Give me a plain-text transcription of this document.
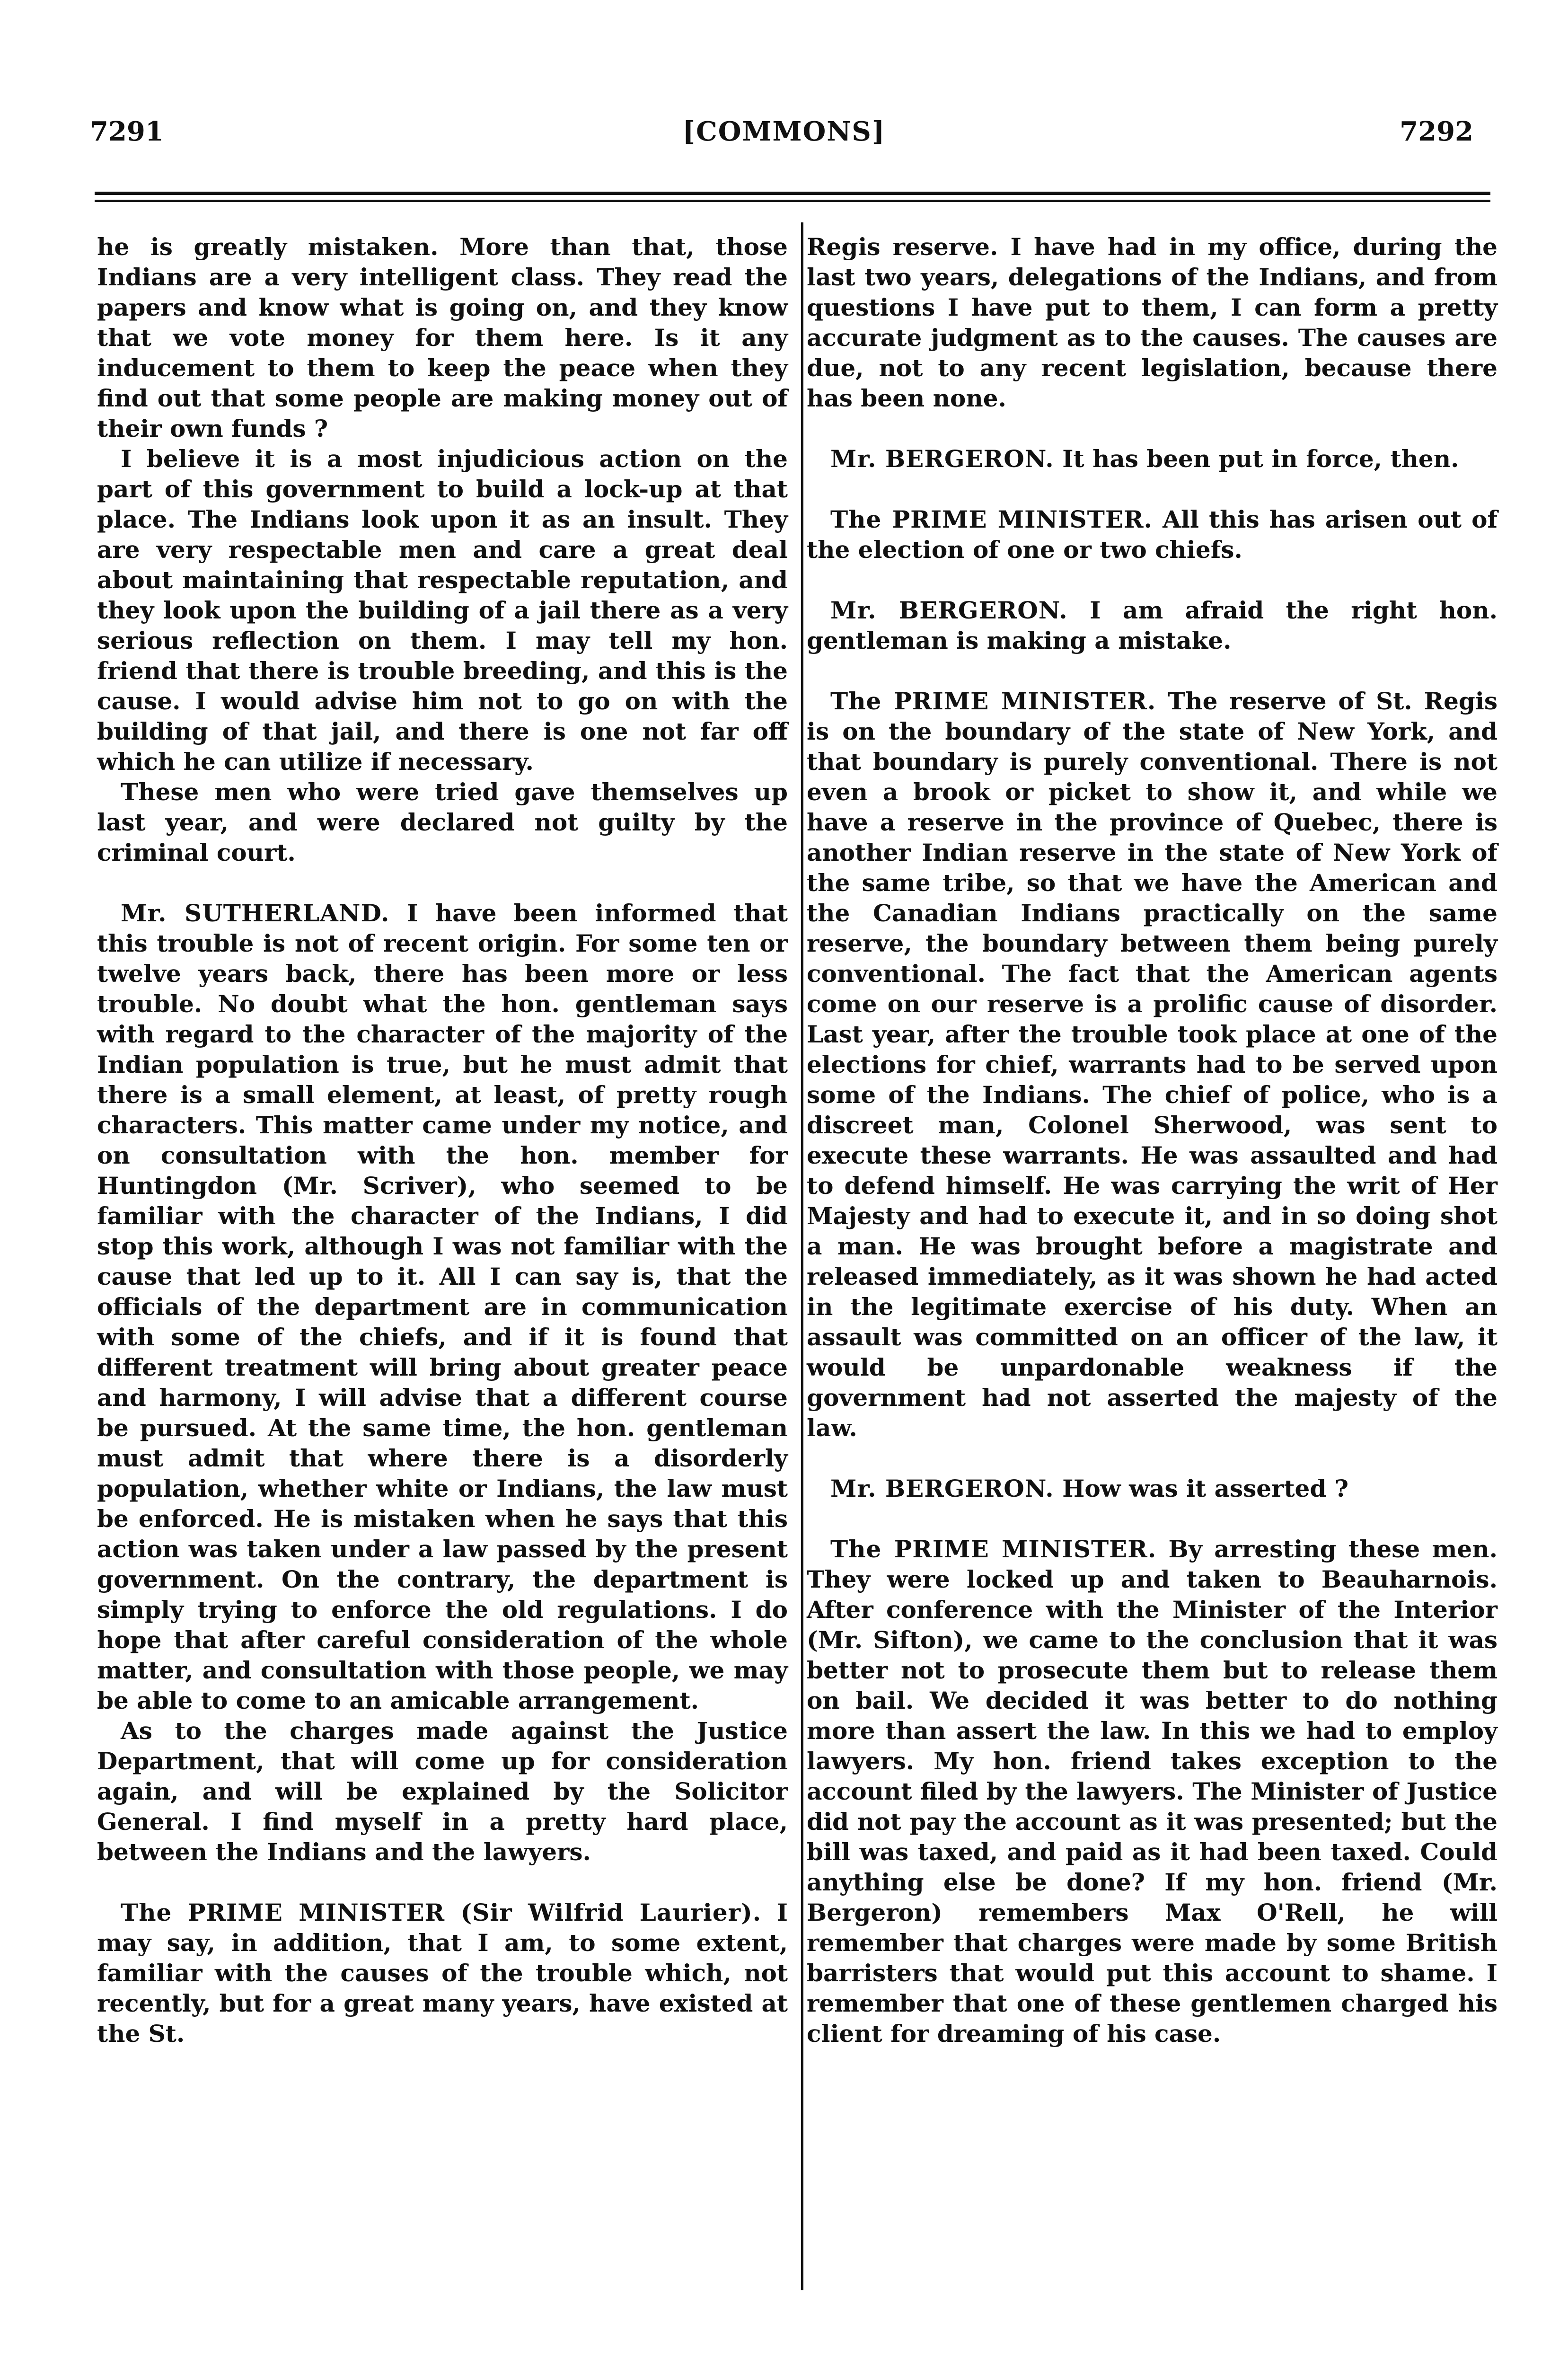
7291	[COMMONS]	7292

he is greatly mistaken. More than that, those Indians are a very intelligent class. They read the papers and know what is going on, and they know that we vote money for them here. Is it any inducement to them to keep the peace when they find out that some people are making money out of their own funds ?

I believe it is a most injudicious action on the part of this government to build a lock-up at that place. The Indians look upon it as an insult. They are very respectable men and care a great deal about maintaining that respectable reputation, and they look upon the building of a jail there as a very serious reflection on them. I may tell my hon. friend that there is trouble breeding, and this is the cause. I would advise him not to go on with the building of that jail, and there is one not far off which he can utilize if necessary.

These men who were tried gave themselves up last year, and were declared not guilty by the criminal court.

Mr. SUTHERLAND. I have been informed that this trouble is not of recent origin. For some ten or twelve years back, there has been more or less trouble. No doubt what the hon. gentleman says with regard to the character of the majority of the Indian population is true, but he must admit that there is a small element, at least, of pretty rough characters. This matter came under my notice, and on consultation with the hon. member for Huntingdon (Mr. Scriver), who seemed to be familiar with the character of the Indians, I did stop this work, although I was not familiar with the cause that led up to it. All I can say is, that the officials of the department are in communication with some of the chiefs, and if it is found that different treatment will bring about greater peace and harmony, I will advise that a different course be pursued. At the same time, the hon. gentleman must admit that where there is a disorderly population, whether white or Indians, the law must be enforced. He is mistaken when he says that this action was taken under a law passed by the present government. On the contrary, the department is simply trying to enforce the old regulations. I do hope that after careful consideration of the whole matter, and consultation with those people, we may be able to come to an amicable arrangement.

As to the charges made against the Justice Department, that will come up for consideration again, and will be explained by the Solicitor General. I find myself in a pretty hard place, between the Indians and the lawyers.

The PRIME MINISTER (Sir Wilfrid Laurier). I may say, in addition, that I am, to some extent, familiar with the causes of the trouble which, not recently, but for a great many years, have existed at the St.

Regis reserve. I have had in my office, during the last two years, delegations of the Indians, and from questions I have put to them, I can form a pretty accurate judgment as to the causes. The causes are due, not to any recent legislation, because there has been none.

Mr. BERGERON. It has been put in force, then.

The PRIME MINISTER. All this has arisen out of the election of one or two chiefs.

Mr. BERGERON. I am afraid the right hon. gentleman is making a mistake.

The PRIME MINISTER. The reserve of St. Regis is on the boundary of the state of New York, and that boundary is purely conventional. There is not even a brook or picket to show it, and while we have a reserve in the province of Quebec, there is another Indian reserve in the state of New York of the same tribe, so that we have the American and the Canadian Indians practically on the same reserve, the boundary between them being purely conventional. The fact that the American agents come on our reserve is a prolific cause of disorder. Last year, after the trouble took place at one of the elections for chief, warrants had to be served upon some of the Indians. The chief of police, who is a discreet man, Colonel Sherwood, was sent to execute these warrants. He was assaulted and had to defend himself. He was carrying the writ of Her Majesty and had to execute it, and in so doing shot a man. He was brought before a magistrate and released immediately, as it was shown he had acted in the legitimate exercise of his duty. When an assault was committed on an officer of the law, it would be unpardonable weakness if the government had not asserted the majesty of the law.

Mr. BERGERON. How was it asserted ?

The PRIME MINISTER. By arresting these men. They were locked up and taken to Beauharnois. After conference with the Minister of the Interior (Mr. Sifton), we came to the conclusion that it was better not to prosecute them but to release them on bail. We decided it was better to do nothing more than assert the law. In this we had to employ lawyers. My hon. friend takes exception to the account filed by the lawyers. The Minister of Justice did not pay the account as it was presented; but the bill was taxed, and paid as it had been taxed. Could anything else be done? If my hon. friend (Mr. Bergeron) remembers Max O'Rell, he will remember that charges were made by some British barristers that would put this account to shame. I remember that one of these gentlemen charged his client for dreaming of his case.
